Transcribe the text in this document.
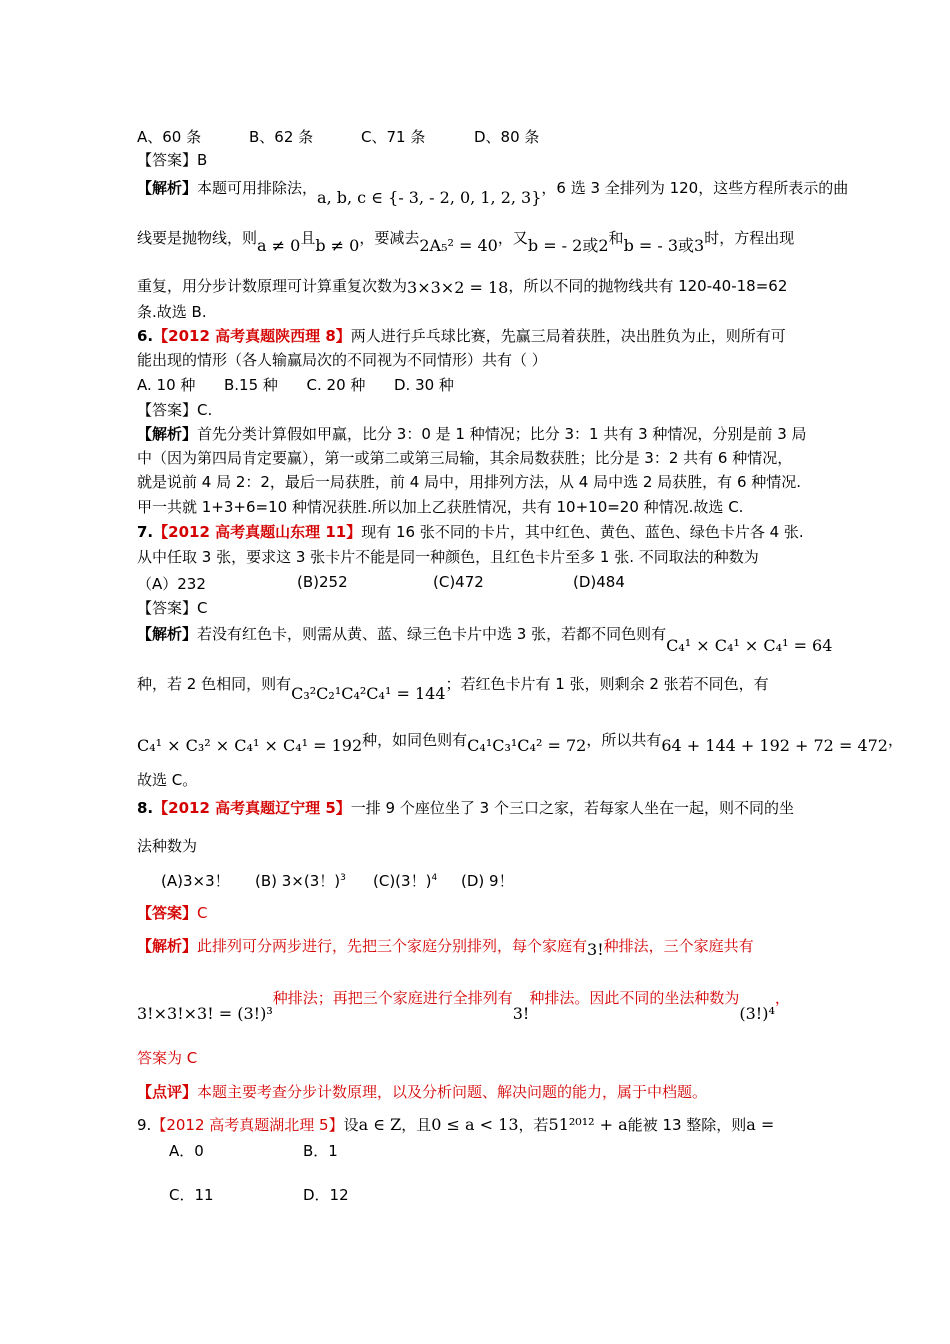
A、60 条	B、62 条	C、71 条	D、80 条
【答案】B
【解析】本题可用排除法，a, b, c ∈ {- 3, - 2, 0, 1, 2, 3}，6 选 3 全排列为 120，这些方程所表示的曲
线要是抛物线，则a ≠ 0且b ≠ 0，要减去2A₅² = 40，又b = - 2或2和b = - 3或3时，方程出现
重复，用分步计数原理可计算重复次数为3×3×2 = 18，所以不同的抛物线共有 120-40-18=62
条.故选 B.
6.【2012 高考真题陕西理 8】两人进行乒乓球比赛，先赢三局着获胜，决出胜负为止，则所有可
能出现的情形（各人输赢局次的不同视为不同情形）共有（ ）
A. 10 种      B.15 种      C. 20 种      D. 30 种
【答案】C.
【解析】首先分类计算假如甲赢，比分 3：0 是 1 种情况；比分 3：1 共有 3 种情况，分别是前 3 局
中（因为第四局肯定要赢），第一或第二或第三局输，其余局数获胜；比分是 3：2 共有 6 种情况，
就是说前 4 局 2：2，最后一局获胜，前 4 局中，用排列方法，从 4 局中选 2 局获胜，有 6 种情况.
甲一共就 1+3+6=10 种情况获胜.所以加上乙获胜情况，共有 10+10=20 种情况.故选 C.
7.【2012 高考真题山东理 11】现有 16 张不同的卡片，其中红色、黄色、蓝色、绿色卡片各 4 张.
从中任取 3 张，要求这 3 张卡片不能是同一种颜色，且红色卡片至多 1 张. 不同取法的种数为
（A）232	(B)252	(C)472	(D)484
【答案】C
【解析】若没有红色卡，则需从黄、蓝、绿三色卡片中选 3 张，若都不同色则有C₄¹ × C₄¹ × C₄¹ = 64
种，若 2 色相同，则有C₃²C₂¹C₄²C₄¹ = 144；若红色卡片有 1 张，则剩余 2 张若不同色，有
C₄¹ × C₃² × C₄¹ × C₄¹ = 192种，如同色则有C₄¹C₃¹C₄² = 72，所以共有64 + 144 + 192 + 72 = 472，
故选 C。
8.【2012 高考真题辽宁理 5】一排 9 个座位坐了 3 个三口之家，若每家人坐在一起，则不同的坐
法种数为
(A)3×3！ (B) 3×(3！)$^3$ (C)(3！)$^4$ (D) 9！
【答案】C
【解析】此排列可分两步进行，先把三个家庭分别排列，每个家庭有3!种排法，三个家庭共有
3!×3!×3! = (3!)³种排法；再把三个家庭进行全排列有3!种排法。因此不同的坐法种数为(3!)⁴，
答案为 C
【点评】本题主要考查分步计数原理，以及分析问题、解决问题的能力，属于中档题。
9.【2012 高考真题湖北理 5】设a ∈ Z，且0 ≤ a < 13，若51²⁰¹² + a能被 13 整除，则a =
A．0	B．1
C．11	D．12
